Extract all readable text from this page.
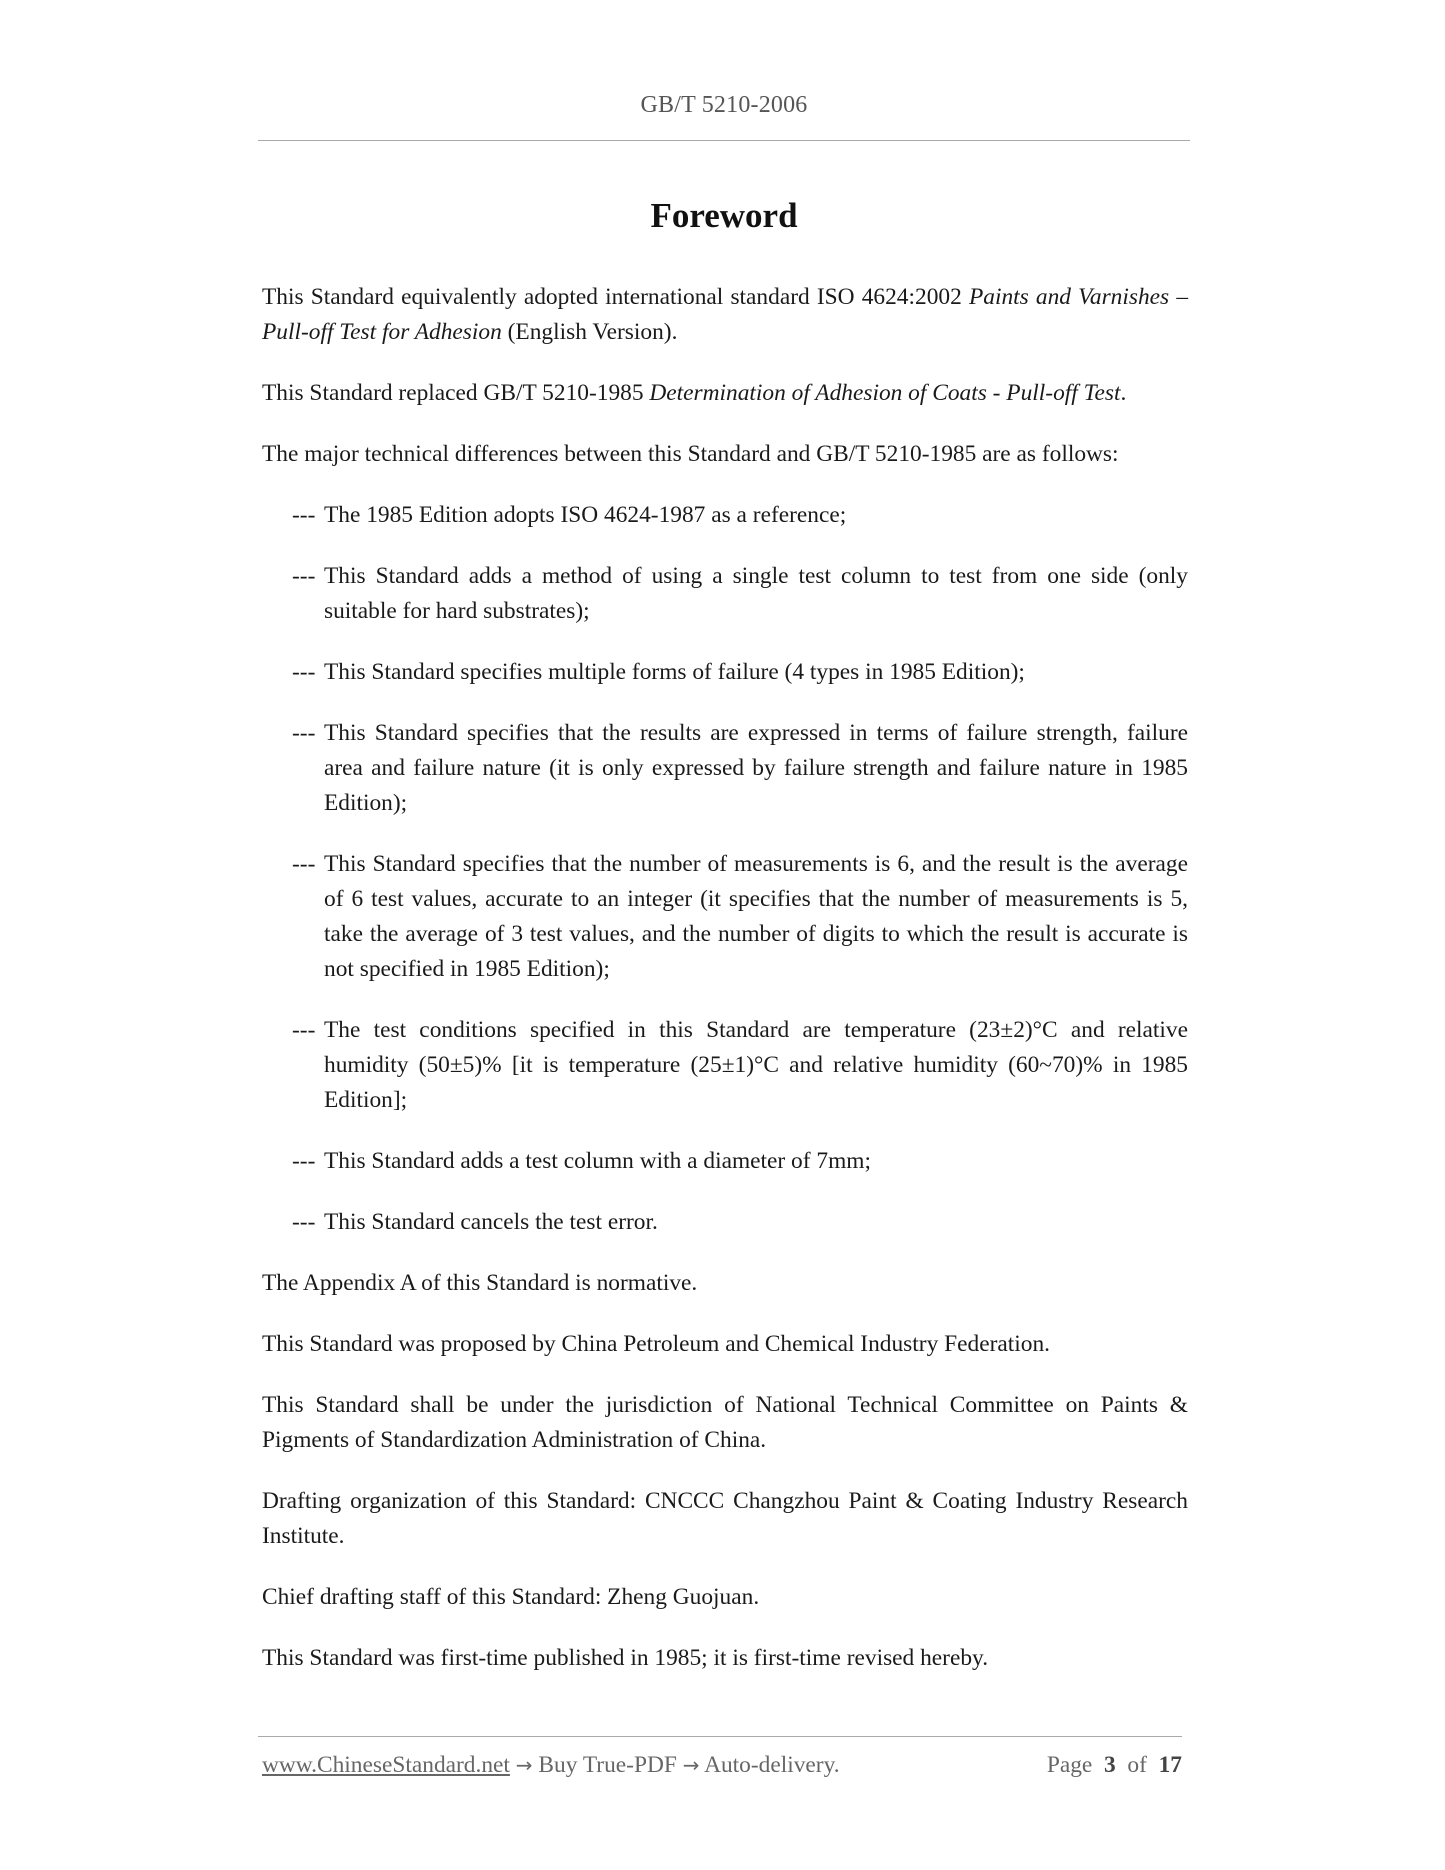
GB/T 5210-2006
Foreword

This Standard equivalently adopted international standard ISO 4624:2002 Paints and Varnishes – Pull-off Test for Adhesion (English Version).

This Standard replaced GB/T 5210-1985 Determination of Adhesion of Coats - Pull-off Test.

The major technical differences between this Standard and GB/T 5210-1985 are as follows:

--- The 1985 Edition adopts ISO 4624-1987 as a reference;
--- This Standard adds a method of using a single test column to test from one side (only suitable for hard substrates);
--- This Standard specifies multiple forms of failure (4 types in 1985 Edition);
--- This Standard specifies that the results are expressed in terms of failure strength, failure area and failure nature (it is only expressed by failure strength and failure nature in 1985 Edition);
--- This Standard specifies that the number of measurements is 6, and the result is the average of 6 test values, accurate to an integer (it specifies that the number of measurements is 5, take the average of 3 test values, and the number of digits to which the result is accurate is not specified in 1985 Edition);
--- The test conditions specified in this Standard are temperature (23±2)°C and relative humidity (50±5)% [it is temperature (25±1)°C and relative humidity (60~70)% in 1985 Edition];
--- This Standard adds a test column with a diameter of 7mm;
--- This Standard cancels the test error.

The Appendix A of this Standard is normative.

This Standard was proposed by China Petroleum and Chemical Industry Federation.

This Standard shall be under the jurisdiction of National Technical Committee on Paints & Pigments of Standardization Administration of China.

Drafting organization of this Standard: CNCCC Changzhou Paint & Coating Industry Research Institute.

Chief drafting staff of this Standard: Zheng Guojuan.

This Standard was first-time published in 1985; it is first-time revised hereby.

www.ChineseStandard.net → Buy True-PDF → Auto-delivery.	Page 3 of 17
